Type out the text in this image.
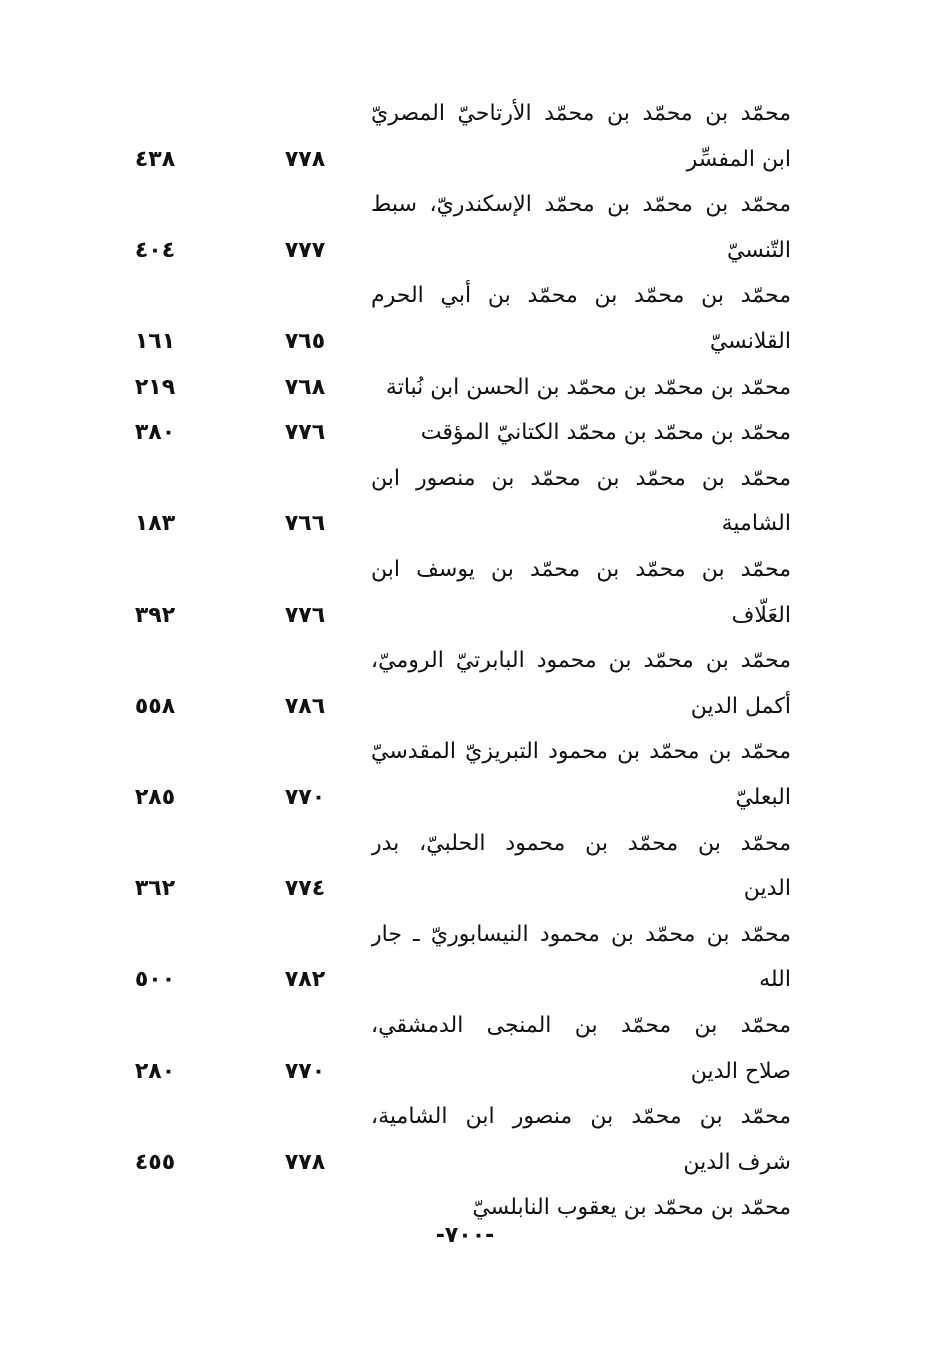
محمّد بن محمّد بن محمّد الأرتاحيّ المصريّ
ابن المفسِّر
٧٧٨
٤٣٨
محمّد بن محمّد بن محمّد الإسكندريّ، سبط
التّنسيّ
٧٧٧
٤٠٤
محمّد بن محمّد بن محمّد بن أبي الحرم
القلانسيّ
٧٦٥
١٦١
محمّد بن محمّد بن محمّد بن الحسن ابن نُباتة
٧٦٨
٢١٩
محمّد بن محمّد بن محمّد الكتانيّ المؤقت
٧٧٦
٣٨٠
محمّد بن محمّد بن محمّد بن منصور ابن
الشامية
٧٦٦
١٨٣
محمّد بن محمّد بن محمّد بن يوسف ابن
العَلّاف
٧٧٦
٣٩٢
محمّد بن محمّد بن محمود البابرتيّ الروميّ،
أكمل الدين
٧٨٦
٥٥٨
محمّد بن محمّد بن محمود التبريزيّ المقدسيّ
البعليّ
٧٧٠
٢٨٥
محمّد بن محمّد بن محمود الحلبيّ، بدر
الدين
٧٧٤
٣٦٢
محمّد بن محمّد بن محمود النيسابوريّ ـ جار
الله
٧٨٢
٥٠٠
محمّد بن محمّد بن المنجى الدمشقي،
صلاح الدين
٧٧٠
٢٨٠
محمّد بن محمّد بن منصور ابن الشامية،
شرف الدين
٧٧٨
٤٥٥
محمّد بن محمّد بن يعقوب النابلسيّ
-٧٠٠-
